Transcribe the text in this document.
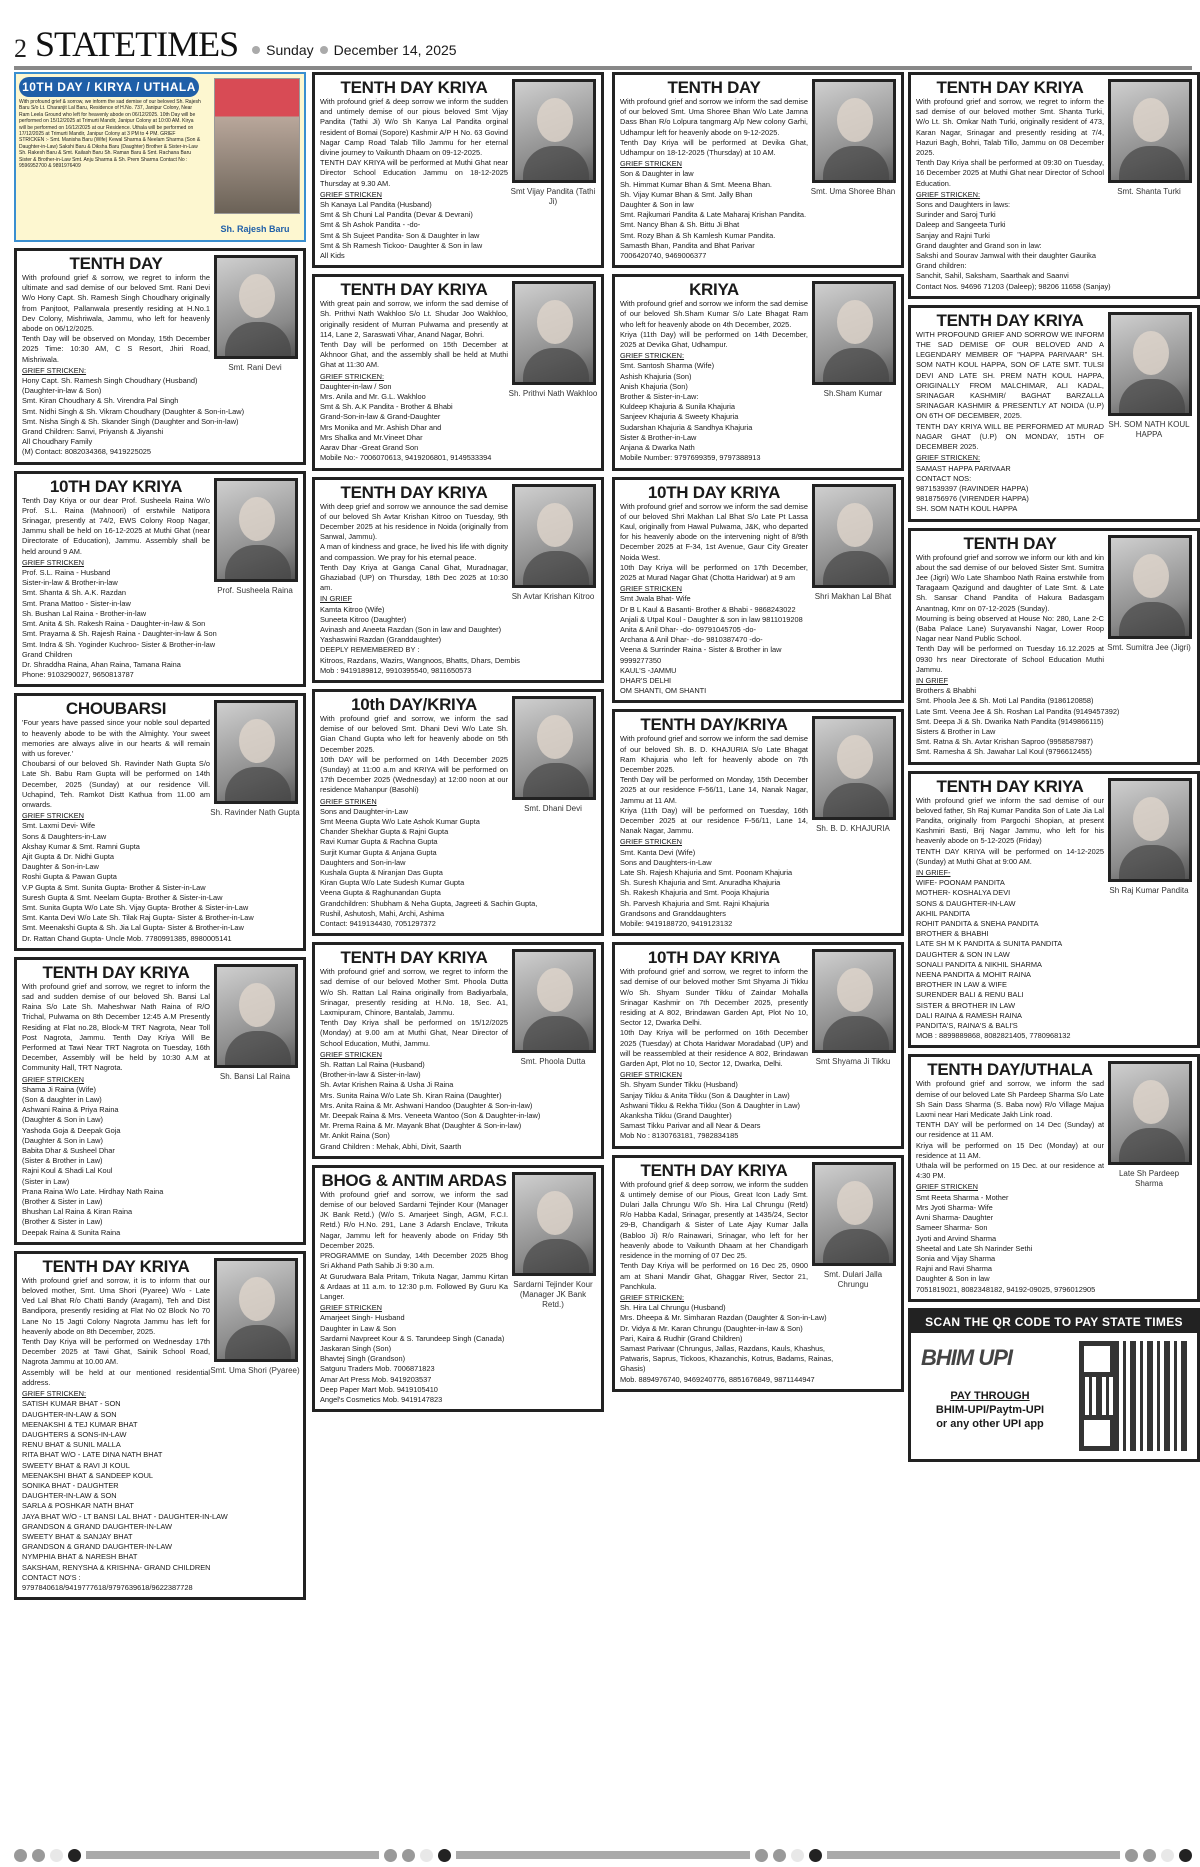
2 STATETIMES Sunday December 14, 2025
10TH DAY / KIRYA / UTHALA
With profound grief & sorrow, we inform the sad demise of our beloved Sh. Rajesh Baru S/o Lt. Charanjit Lal Baru, Residence of H.No. 737, Janipur Colony, Near Ram Leela Ground who left for heavenly abode on 06/12/2025. 10th Day will be performed on 15/12/2025 at Trimurti Mandir, Janipur Colony at 10:00 AM. Kirya will be performed on 16/12/2025 at our Residence. Uthala will be performed on 17/12/2025 at Trimurti Mandir, Janipur Colony at 3 PM to 4 PM. GRIEF STRICKEN :- Smt. Manisha Baru (Wife) Kewal Sharma & Neelam Sharma (Son & Daughter-in-Law) Sakshi Baru & Diksha Baru (Daughter) Brother & Sister-in-Law Sh. Rakesh Baru & Smt. Kailash Baru Sh. Raman Baru & Smt. Rachana Baru Sister & Brother-in-Law Smt. Anju Sharma & Sh. Prem Sharma Contact No : 9596952700 & 9891976409
Sh. Rajesh Baru
TENTH DAY
Smt. Rani Devi

With profound grief & sorrow, we regret to inform the ultimate and sad demise of our beloved Smt. Rani Devi W/o Hony Capt. Sh. Ramesh Singh Choudhary originally from Panjtoot, Pallanwala presently residing at H.No.1 Dev Colony, Mishriwala, Jammu, who left for heavenly abode on 06/12/2025.

Tenth Day will be observed on Monday, 15th December 2025 Time: 10:30 AM, C S Resort, Jhiri Road, Mishriwala.

GRIEF STRICKEN:
Hony Capt. Sh. Ramesh Singh Choudhary (Husband)
(Daughter-in-law & Son)
Smt. Kiran Choudhary & Sh. Virendra Pal Singh
Smt. Nidhi Singh & Sh. Vikram Choudhary (Daughter & Son-in-Law)
Smt. Nisha Singh & Sh. Skander Singh (Daughter and Son-in-law)
Grand Children: Sanvi, Priyansh & Jiyanshi
All Choudhary Family
(M) Contact: 8082034368, 9419225025
10TH DAY KRIYA
Prof. Susheela Raina

Tenth Day Kriya or our dear Prof. Susheela Raina W/o Prof. S.L. Raina (Mahnoori) of erstwhile Natipora Srinagar, presently at 74/2, EWS Colony Roop Nagar, Jammu shall be held on 16-12-2025 at Muthi Ghat (near Directorate of Education), Jammu. Assembly shall be held around 9 AM.

GRIEF STRICKEN
Prof. S.L. Raina - Husband
Sister-in-law & Brother-in-law
Smt. Shanta & Sh. A.K. Razdan
Smt. Prana Mattoo - Sister-in-law
Sh. Bushan Lal Raina - Brother-in-law
Smt. Anita & Sh. Rakesh Raina - Daughter-in-law & Son
Smt. Prayarna & Sh. Rajesh Raina - Daughter-in-law & Son
Smt. Indra & Sh. Yoginder Kuchroo- Sister & Brother-in-law
Grand Children
Dr. Shraddha Raina, Ahan Raina, Tamana Raina
Phone: 9103290027, 9650813787
CHOUBARSI
Sh. Ravinder Nath Gupta

'Four years have passed since your noble soul departed to heavenly abode to be with the Almighty. Your sweet memories are always alive in our hearts & will remain with us forever.'

Choubarsi of our beloved Sh. Ravinder Nath Gupta S/o Late Sh. Babu Ram Gupta will be performed on 14th December, 2025 (Sunday) at our residence Vill. Uchapind, Teh. Ramkot Distt Kathua from 11.00 am onwards.

GRIEF STRICKEN
Smt. Laxmi Devi- Wife
Sons & Daughters-in-Law
Akshay Kumar & Smt. Ramni Gupta
Ajit Gupta & Dr. Nidhi Gupta
Daughter & Son-in-Law
Roshi Gupta & Pawan Gupta
V.P Gupta & Smt. Sunita Gupta- Brother & Sister-in-Law
Suresh Gupta & Smt. Neelam Gupta- Brother & Sister-in-Law
Smt. Sunita Gupta W/o Late Sh. Vijay Gupta- Brother & Sister-in-Law
Smt. Kanta Devi W/o Late Sh. Tilak Raj Gupta- Sister & Brother-in-Law
Smt. Meenakshi Gupta & Sh. Jia Lal Gupta- Sister & Brother-in-Law
Dr. Rattan Chand Gupta- Uncle Mob. 7780991385, 8980005141
TENTH DAY KRIYA
Sh. Bansi Lal Raina

With profound grief and sorrow, we regret to inform the sad and sudden demise of our beloved Sh. Bansi Lal Raina S/o Late Sh. Maheshwar Nath Raina of R/O Trichal, Pulwama on 8th December 12:45 A.M Presently Residing at Flat no.28, Block-M TRT Nagrota, Near Toll Post Nagrota, Jammu. Tenth Day Kriya Will Be Performed at Tawi Near TRT Nagrota on Tuesday, 16th December, Assembly will be held by 10:30 A.M at Community Hall, TRT Nagrota.

GRIEF STRICKEN
Shama Ji Raina (Wife)
(Son & daughter in Law)
Ashwani Raina & Priya Raina
(Daughter & Son in Law)
Yashoda Goja & Deepak Goja
(Daughter & Son in Law)
Babita Dhar & Susheel Dhar
(Sister & Brother in Law)
Rajni Koul & Shadi Lal Koul
(Sister in Law)
Prana Raina W/o Late. Hirdhay Nath Raina
(Brother & Sister in Law)
Bhushan Lal Raina & Kiran Raina
(Brother & Sister in Law)
Deepak Raina & Sunita Raina
TENTH DAY KRIYA
Smt. Uma Shori (Pyaree)

With profound grief and sorrow, it is to inform that our beloved mother, Smt. Uma Shori (Pyaree) W/o - Late Ved Lal Bhat R/o Chatti Bandy (Aragam), Teh and Dist Bandipora, presently residing at Flat No 02 Block No 70 Lane No 15 Jagti Colony Nagrota Jammu has left for heavenly abode on 8th December, 2025.

Tenth Day Kriya will be performed on Wednesday 17th December 2025 at Tawi Ghat, Sainik School Road, Nagrota Jammu at 10.00 AM.

Assembly will be held at our mentioned residential address.

GRIEF STRICKEN:
SATISH KUMAR BHAT - SON
DAUGHTER-IN-LAW & SON
MEENAKSHI & TEJ KUMAR BHAT
DAUGHTERS & SONS-IN-LAW
RENU BHAT & SUNIL MALLA
RITA BHAT W/O - LATE DINA NATH BHAT
SWEETY BHAT & RAVI JI KOUL
MEENAKSHI BHAT & SANDEEP KOUL
SONIKA BHAT - DAUGHTER
DAUGHTER-IN-LAW & SON
SARLA & POSHKAR NATH BHAT
JAYA BHAT W/O - LT BANSI LAL BHAT - DAUGHTER-IN-LAW
GRANDSON & GRAND DAUGHTER-IN-LAW
SWEETY BHAT & SANJAY BHAT
GRANDSON & GRAND DAUGHTER-IN-LAW
NYMPHIA BHAT & NARESH BHAT
SAKSHAM, RENYSHA & KRISHNA- GRAND CHILDREN
CONTACT NO'S :
9797840618/9419777618/9797639618/9622387728
TENTH DAY KRIYA
Smt Vijay Pandita (Tathi Ji)

With profound grief & deep sorrow we inform the sudden and untimely demise of our pious beloved Smt Vijay Pandita (Tathi Ji) W/o Sh Kanya Lal Pandita orginal resident of Bomai (Sopore) Kashmir A/P H No. 63 Govind Nagar Camp Road Talab Tillo Jammu for her eternal divine journey to Vaikunth Dhaam on 09-12-2025.

TENTH DAY KRIYA will be performed at Muthi Ghat near Director School Education Jammu on 18-12-2025 Thursday at 9.30 AM.

GRIEF STRICKEN
Sh Kanaya Lal Pandita (Husband)
Smt & Sh Chuni Lal Pandita (Devar & Devrani)
Smt & Sh Ashok Pandita - -do-
Smt & Sh Sujeet Pandita- Son & Daughter in law
Smt & Sh Ramesh Tickoo- Daughter & Son in law
All Kids
TENTH DAY KRIYA
Sh. Prithvi Nath Wakhloo

With great pain and sorrow, we inform the sad demise of Sh. Prithvi Nath Wakhloo S/o Lt. Shudar Joo Wakhloo, originally resident of Murran Pulwama and presently at 114, Lane 2, Saraswati Vihar, Anand Nagar, Bohri.

Tenth Day will be performed on 15th December at Akhnoor Ghat, and the assembly shall be held at Muthi Ghat at 11:30 AM.

GRIEF STRICKEN:
Daughter-in-law / Son
Mrs. Anila and Mr. G.L. Wakhloo
Smt & Sh. A.K Pandita - Brother & Bhabi
Grand-Son-in-law & Grand-Daughter
Mrs Monika and Mr. Ashish Dhar and
Mrs Shalka and Mr.Vineet Dhar
Aarav Dhar -Great Grand Son
Mobile No:- 7006070613, 9419206801, 9149533394
TENTH DAY KRIYA
Sh Avtar Krishan Kitroo

With deep grief and sorrow we announce the sad demise of our beloved Sh Avtar Krishan Kitroo on Tuesday, 9th December 2025 at his residence in Noida (originally from Sanwal, Jammu).

A man of kindness and grace, he lived his life with dignity and compassion. We pray for his eternal peace.

Tenth Day Kriya at Ganga Canal Ghat, Muradnagar, Ghaziabad (UP) on Thursday, 18th Dec 2025 at 10:30 am.

IN GRIEF
Kamta Kitroo (Wife)
Suneeta Kitroo (Daughter)
Avinash and Aneeta Razdan (Son in law and Daughter)
Yashaswini Razdan (Granddaughter)
DEEPLY REMEMBERED BY :
Kitroos, Razdans, Wazirs, Wangnoos, Bhatts, Dhars, Dembis
Mob : 9419189812, 9910395540, 9811650573
10th DAY/KRIYA
Smt. Dhani Devi

With profound grief and sorrow, we inform the sad demise of our beloved Smt. Dhani Devi W/o Late Sh. Gian Chand Gupta who left for heavenly abode on 5th December 2025.

10th DAY will be performed on 14th December 2025 (Sunday) at 11:00 a.m and KRIYA will be performed on 17th December 2025 (Wednesday) at 12:00 noon at our residence Mahanpur (Basohli)

GRIEF STRIKEN
Sons and Daughter-in-Law
Smt Meena Gupta W/o Late Ashok Kumar Gupta
Chander Shekhar Gupta & Rajni Gupta
Ravi Kumar Gupta & Rachna Gupta
Surjit Kumar Gupta & Anjana Gupta
Daughters and Son-in-law
Kushala Gupta & Niranjan Das Gupta
Kiran Gupta W/o Late Sudesh Kumar Gupta
Veena Gupta & Raghunandan Gupta
Grandchildren: Shubham & Neha Gupta, Jagreeti & Sachin Gupta,
Rushil, Ashutosh, Mahi, Archi, Ashima
Contact: 9419134430, 7051297372
TENTH DAY KRIYA
Smt. Phoola Dutta

With profound grief and sorrow, we regret to inform the sad demise of our beloved Mother Smt. Phoola Dutta W/o Sh. Rattan Lal Raina originally from Badiyarbala, Srinagar, presently residing at H.No. 18, Sec. A1, Laxmipuram, Chinore, Bantalab, Jammu.

Tenth Day Kriya shall be performed on 15/12/2025 (Monday) at 9.00 am at Muthi Ghat, Near Director of School Education, Muthi, Jammu.

GRIEF STRICKEN
Sh. Rattan Lal Raina (Husband)
(Brother-in-law & Sister-in-law)
Sh. Avtar Krishen Raina & Usha Ji Raina
Mrs. Sunita Raina W/o Late Sh. Kiran Raina (Daughter)
Mrs. Anita Raina & Mr. Ashwani Handoo (Daughter & Son-in-law)
Mr. Deepak Raina & Mrs. Veneeta Wantoo (Son & Daughter-in-law)
Mr. Prema Raina & Mr. Mayank Bhat (Daughter & Son-in-law)
Mr. Ankit Raina (Son)
Grand Children : Mehak, Abhi, Divit, Saarth
BHOG & ANTIM ARDAS
Sardarni Tejinder Kour (Manager JK Bank Retd.)

With profound grief and sorrow, we inform the sad demise of our beloved Sardarni Tejinder Kour (Manager JK Bank Retd.) (W/o S. Amarjeet Singh, AGM, F.C.I. Retd.) R/o H.No. 291, Lane 3 Adarsh Enclave, Trikuta Nagar, Jammu left for heavenly abode on Friday 5th December 2025.

PROGRAMME on Sunday, 14th December 2025 Bhog Sri Akhand Path Sahib Ji 9:30 a.m.

At Gurudwara Bala Pritam, Trikuta Nagar, Jammu Kirtan & Ardaas at 11 a.m. to 12:30 p.m. Followed By Guru Ka Langer.

GRIEF STRICKEN
Amarjeet Singh- Husband
Daughter in Law & Son
Sardarni Navpreet Kour & S. Tarundeep Singh (Canada)
Jaskaran Singh (Son)
Bhavtej Singh (Grandson)
Satguru Traders Mob. 7006871823
Amar Art Press Mob. 9419203537
Deep Paper Mart Mob. 9419105410
Angel's Cosmetics Mob. 9419147823
TENTH DAY
Smt. Uma Shoree Bhan

With profound grief and sorrow we inform the sad demise of our beloved Smt. Uma Shoree Bhan W/o Late Jamna Dass Bhan R/o Lolpura tangmarg A/p New colony Garhi, Udhampur left for heavenly abode on 9-12-2025.

Tenth Day Kriya will be performed at Devika Ghat, Udhampur on 18-12-2025 (Thursday) at 10 AM.

GRIEF STRICKEN
Son & Daughter in law
Sh. Himmat Kumar Bhan & Smt. Meena Bhan.
Sh. Vijay Kumar Bhan & Smt. Jally Bhan
Daughter & Son in law
Smt. Rajkumari Pandita & Late Maharaj Krishan Pandita.
Smt. Nancy Bhan & Sh. Bittu Ji Bhat
Smt. Rozy Bhan & Sh Kamlesh Kumar Pandita.
Samasth Bhan, Pandita and Bhat Parivar
7006420740, 9469006377
KRIYA
Sh.Sham Kumar

With profound grief and sorrow we inform the sad demise of our beloved Sh.Sham Kumar S/o Late Bhagat Ram who left for heavenly abode on 4th December, 2025.

Kriya (11th Day) will be performed on 14th December, 2025 at Devika Ghat, Udhampur.

GRIEF STRICKEN:
Smt. Santosh Sharma (Wife)
Ashish Khajuria (Son)
Anish Khajuria (Son)
Brother & Sister-in-Law:
Kuldeep Khajuria & Sunila Khajuria
Sanjeev Khajuria & Sweety Khajuria
Sudarshan Khajuria & Sandhya Khajuria
Sister & Brother-in-Law
Anjana & Dwarka Nath
Mobile Number: 9797699359, 9797388913
10TH DAY KRIYA
Shri Makhan Lal Bhat

With profound grief and sorrow we inform the sad demise of our beloved Shri Makhan Lal Bhat S/o Late Pt Lassa Kaul, originally from Hawal Pulwama, J&K, who departed for his heavenly abode on the intervening night of 8/9th December 2025 at F-34, 1st Avenue, Gaur City Greater Noida West.

10th Day Kriya will be performed on 17th December, 2025 at Murad Nagar Ghat (Chotta Haridwar) at 9 am

GRIEF STRICKEN
Smt Jwala Bhat- Wife
Dr B L Kaul & Basanti- Brother & Bhabi - 9868243022
Anjali & Utpal Koul - Daughter & son in law 9811019208
Anita & Anil Dhar- -do- 09791045705 -do-
Archana & Anil Dhar- -do- 9810387470 -do-
Veena & Surrinder Raina - Sister & Brother in law
9999277350
KAUL'S -JAMMU
DHAR'S DELHI
OM SHANTI, OM SHANTI
TENTH DAY/KRIYA
Sh. B. D. KHAJURIA

With profound grief and sorrow we inform the sad demise of our beloved Sh. B. D. KHAJURIA S/o Late Bhagat Ram Khajuria who left for heavenly abode on 7th December 2025.

Tenth Day will be performed on Monday, 15th December 2025 at our residence F-56/11, Lane 14, Nanak Nagar, Jammu at 11 AM.

Kriya (11th Day) will be performed on Tuesday, 16th December 2025 at our residence F-56/11, Lane 14, Nanak Nagar, Jammu.

GRIEF STRICKEN
Smt. Kanta Devi (Wife)
Sons and Daughters-in-Law
Late Sh. Rajesh Khajuria and Smt. Poonam Khajuria
Sh. Suresh Khajuria and Smt. Anuradha Khajuria
Sh. Rakesh Khajuria and Smt. Pooja Khajuria
Sh. Parvesh Khajuria and Smt. Rajni Khajuria
Grandsons and Granddaughters
Mobile: 9419188720, 9419123132
10TH DAY KRIYA
Smt Shyama Ji Tikku

With profound grief and sorrow, we regret to inform the sad demise of our beloved mother Smt Shyama Ji Tikku W/o Sh. Shyam Sunder Tikku of Zaindar Mohalla Srinagar Kashmir on 7th December 2025, presently residing at A 802, Brindawan Garden Apt, Plot No 10, Sector 12, Dwarka Delhi.

10th Day Kriya will be performed on 16th December 2025 (Tuesday) at Chota Haridwar Moradabad (UP) and will be reassembled at their residence A 802, Brindawan Garden Apt, Plot no 10, Sector 12, Dwarka, Delhi.

GRIEF STRICKEN
Sh. Shyam Sunder Tikku (Husband)
Sanjay Tikku & Anita Tikku (Son & Daughter in Law)
Ashwani Tikku & Rekha Tikku (Son & Daughter in Law)
Akanksha Tikku (Grand Daughter)
Samast Tikku Parivar and all Near & Dears
Mob No : 8130763181, 7982834185
TENTH DAY KRIYA
Smt. Dulari Jalla Chrungu

With profound grief & deep sorrow, we inform the sudden & untimely demise of our Pious, Great Icon Lady Smt. Dulari Jalla Chrungu W/o Sh. Hira Lal Chrungu (Retd) R/o Habba Kadal, Srinagar, presently at 1435/24, Sector 29-B, Chandigarh & Sister of Late Ajay Kumar Jalla (Babloo Ji) R/o Rainawari, Srinagar, who left for her heavenly abode to Vaikunth Dhaam at her Chandigarh residence in the morning of 07 Dec 25.

Tenth Day Kriya will be performed on 16 Dec 25, 0900 am at Shani Mandir Ghat, Ghaggar River, Sector 21, Panchkula.

GRIEF STRICKEN:
Sh. Hira Lal Chrungu (Husband)
Mrs. Dheepa & Mr. Simharan Razdan (Daughter & Son-in-Law)
Dr. Vidya & Mr. Karan Chrungu (Daughter-in-law & Son)
Pari, Kaira & Rudhir (Grand Children)
Samast Parivaar (Chrungus, Jallas, Razdans, Kauls, Khashus,
Patwaris, Saprus, Tickoos, Khazanchis, Kotrus, Badams, Rainas,
Ghasis)
Mob. 8894976740, 9469240776, 8851676849, 9871144947
TENTH DAY KRIYA
Smt. Shanta Turki

With profound grief and sorrow, we regret to inform the sad demise of our beloved mother Smt. Shanta Turki, W/o Lt. Sh. Omkar Nath Turki, originally resident of 473, Karan Nagar, Srinagar and presently residing at 7/4, Hazuri Bagh, Bohri, Talab Tillo, Jammu on 08 December 2025.

Tenth Day Kriya shall be performed at 09:30 on Tuesday, 16 December 2025 at Muthi Ghat near Director of School Education.

GRIEF STRICKEN:
Sons and Daughters in laws:
Surinder and Saroj Turki
Daleep and Sangeeta Turki
Sanjay and Rajni Turki
Grand daughter and Grand son in law:
Sakshi and Sourav Jamwal with their daughter Gaurika
Grand children:
Sanchit, Sahil, Saksham, Saarthak and Saanvi
Contact Nos. 94696 71203 (Daleep); 98206 11658 (Sanjay)
TENTH DAY KRIYA
SH. SOM NATH KOUL HAPPA

WITH PROFOUND GRIEF AND SORROW WE INFORM THE SAD DEMISE OF OUR BELOVED AND A LEGENDARY MEMBER OF "HAPPA PARIVAAR" SH. SOM NATH KOUL HAPPA, SON OF LATE SMT. TULSI DEVI AND LATE SH. PREM NATH KOUL HAPPA, ORIGINALLY FROM MALCHIMAR, ALI KADAL, SRINAGAR KASHMIR/ BAGHAT BARZALLA SRINAGAR KASHMIR & PRESENTLY AT NOIDA (U.P) ON 6TH OF DECEMBER, 2025.

TENTH DAY KRIYA WILL BE PERFORMED AT MURAD NAGAR GHAT (U.P) ON MONDAY, 15TH OF DECEMBER 2025.

GRIEF STRICKEN:
SAMAST HAPPA PARIVAAR
CONTACT NOS:
9871539397 (RAVINDER HAPPA)
9818756976 (VIRENDER HAPPA)
SH. SOM NATH KOUL HAPPA
TENTH DAY
Smt. Sumitra Jee (Jigri)

With profound grief and sorrow we inform our kith and kin about the sad demise of our beloved Sister Smt. Sumitra Jee (Jigri) W/o Late Shamboo Nath Raina erstwhile from Taragaam Qazigund and daughter of Late Smt. & Late Sh. Sansar Chand Pandita of Hakura Badasgam Anantnag, Kmr on 07-12-2025 (Sunday).

Mourning is being observed at House No: 280, Lane 2-C (Baba Palace Lane) Suryavanshi Nagar, Lower Roop Nagar near Nand Public School.

Tenth Day will be performed on Tuesday 16.12.2025 at 0930 hrs near Directorate of School Education Muthi Jammu.

IN GRIEF
Brothers & Bhabhi
Smt. Phoola Jee & Sh. Moti Lal Pandita (9186120858)
Late Smt. Veena Jee & Sh. Roshan Lal Pandita (9149457392)
Smt. Deepa Ji & Sh. Dwarika Nath Pandita (9149866115)
Sisters & Brother in Law
Smt. Ratna & Sh. Avtar Krishan Saproo (9958587987)
Smt. Ramesha & Sh. Jawahar Lal Koul (9796612455)
TENTH DAY KRIYA
Sh Raj Kumar Pandita

With profound grief we inform the sad demise of our beloved father, Sh Raj Kumar Pandita Son of Late Jia Lal Pandita, originally from Pargochi Shopian, at present Kashmiri Basti, Brij Nagar Jammu, who left for his heavenly abode on 5-12-2025 (Friday)

TENTH DAY KRIYA will be performed on 14-12-2025 (Sunday) at Muthi Ghat at 9:00 AM.

IN GRIEF-
WIFE- POONAM PANDITA
MOTHER- KOSHALYA DEVI
SONS & DAUGHTER-IN-LAW
AKHIL PANDITA
ROHIT PANDITA & SNEHA PANDITA
BROTHER & BHABHI
LATE SH M K PANDITA & SUNITA PANDITA
DAUGHTER & SON IN LAW
SONALI PANDITA & NIKHIL SHARMA
NEENA PANDITA & MOHIT RAINA
BROTHER IN LAW & WIFE
SURENDER BALI & RENU BALI
SISTER & BROTHER IN LAW
DALI RAINA & RAMESH RAINA
PANDITA'S, RAINA'S & BALI'S
MOB : 8899889868, 8082821405, 7780968132
TENTH DAY/UTHALA
Late Sh Pardeep Sharma

With profound grief and sorrow, we inform the sad demise of our beloved Late Sh Pardeep Sharma S/o Late Sh Sain Dass Sharma (S. Baba now) R/o Village Majua Laxmi near Hari Medicate Jakh Link road.

TENTH DAY will be performed on 14 Dec (Sunday) at our residence at 11 AM.

Kriya will be performed on 15 Dec (Monday) at our residence at 11 AM.

Uthala will be performed on 15 Dec. at our residence at 4:30 PM.

GRIEF STRICKEN
Smt Reeta Sharma - Mother
Mrs Jyoti Sharma- Wife
Avni Sharma- Daughter
Sameer Sharma- Son
Jyoti and Arvind Sharma
Sheetal and Late Sh Narinder Sethi
Sonia and Vijay Sharma
Rajni and Ravi Sharma
Daughter & Son in law
7051819021, 8082348182, 94192-09025, 9796012905
SCAN THE QR CODE TO PAY STATE TIMES
BHIM UPI
PAY THROUGH
BHIM-UPI/Paytm-UPI
or any other UPI app
